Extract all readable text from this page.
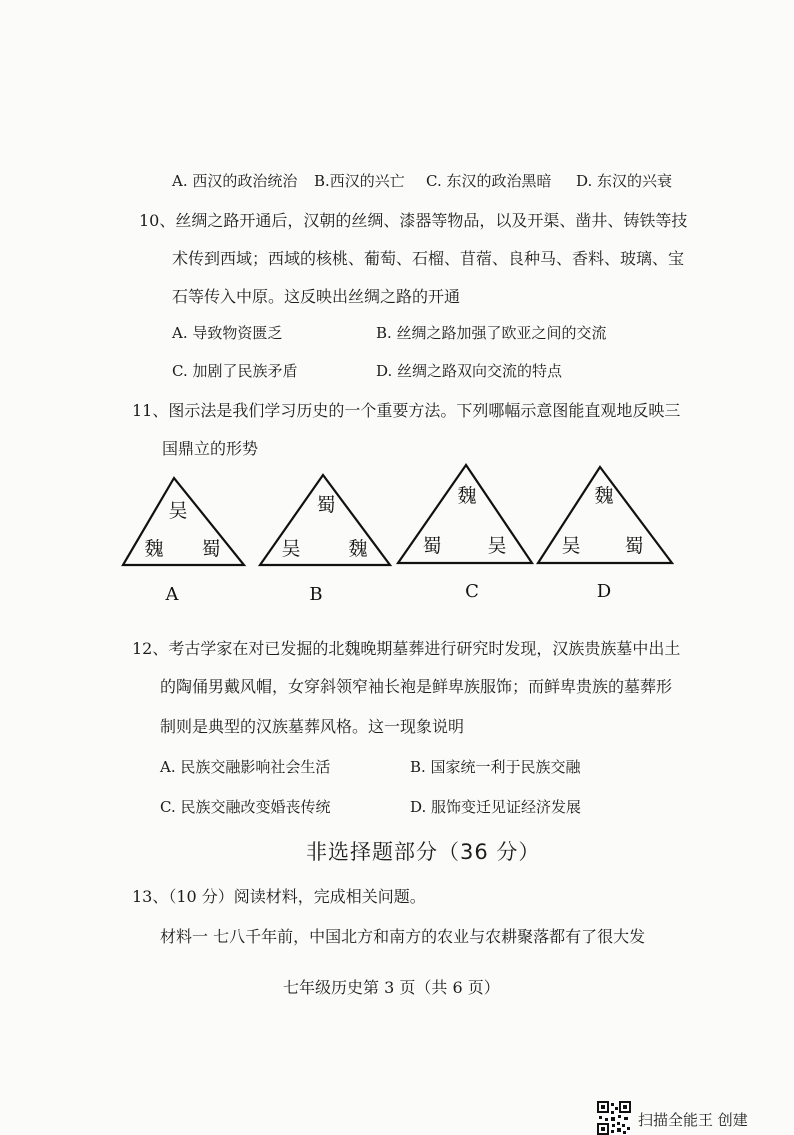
A. 西汉的政治统治 B.西汉的兴亡 C. 东汉的政治黑暗 D. 东汉的兴衰
10、丝绸之路开通后，汉朝的丝绸、漆器等物品，以及开渠、凿井、铸铁等技
术传到西域；西域的核桃、葡萄、石榴、苜蓿、良种马、香料、玻璃、宝
石等传入中原。这反映出丝绸之路的开通
A. 导致物资匮乏	B. 丝绸之路加强了欧亚之间的交流
C. 加剧了民族矛盾	D. 丝绸之路双向交流的特点
11、图示法是我们学习历史的一个重要方法。下列哪幅示意图能直观地反映三
国鼎立的形势
吴
魏 蜀
A
蜀
吴	魏
B
魏
蜀 吴
C
魏
吴 蜀
D
12、考古学家在对已发掘的北魏晚期墓葬进行研究时发现，汉族贵族墓中出土
的陶俑男戴风帽，女穿斜领窄袖长袍是鲜卑族服饰；而鲜卑贵族的墓葬形
制则是典型的汉族墓葬风格。这一现象说明
A. 民族交融影响社会生活	B. 国家统一利于民族交融
C. 民族交融改变婚丧传统	D. 服饰变迁见证经济发展
非选择题部分（36 分）
13、（10 分）阅读材料，完成相关问题。
材料一 七八千年前，中国北方和南方的农业与农耕聚落都有了很大发
七年级历史第 3 页（共 6 页）
扫描全能王 创建
